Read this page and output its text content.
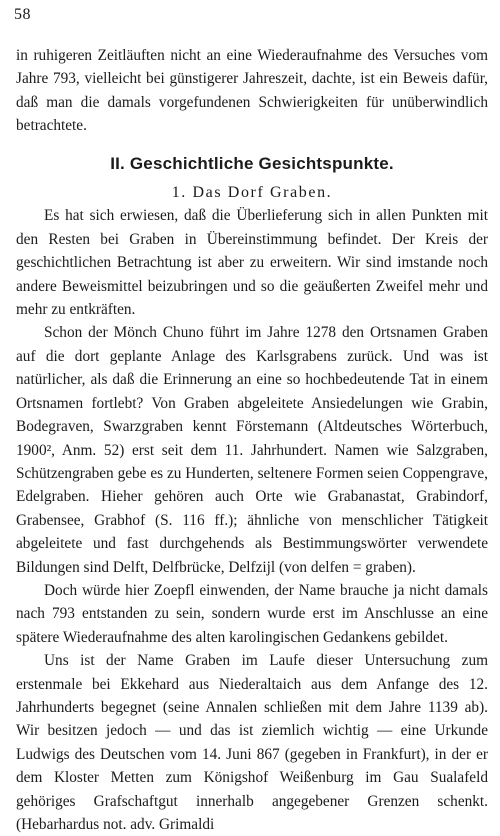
58

in ruhigeren Zeitläuften nicht an eine Wiederaufnahme des Versuches vom Jahre 793, vielleicht bei günstigerer Jahreszeit, dachte, ist ein Beweis dafür, daß man die damals vorgefundenen Schwierigkeiten für unüberwindlich betrachtete.

II. Geschichtliche Gesichtspunkte.
1. Das Dorf Graben.

Es hat sich erwiesen, daß die Überlieferung sich in allen Punkten mit den Resten bei Graben in Übereinstimmung befindet. Der Kreis der geschichtlichen Betrachtung ist aber zu erweitern. Wir sind imstande noch andere Beweismittel beizubringen und so die geäußerten Zweifel mehr und mehr zu entkräften.

Schon der Mönch Chuno führt im Jahre 1278 den Ortsnamen Graben auf die dort geplante Anlage des Karlsgrabens zurück. Und was ist natürlicher, als daß die Erinnerung an eine so hochbedeutende Tat in einem Ortsnamen fortlebt? Von Graben abgeleitete Ansiedelungen wie Grabin, Bodegraven, Swarzgraben kennt Förstemann (Altdeutsches Wörterbuch, 1900², Anm. 52) erst seit dem 11. Jahrhundert. Namen wie Salzgraben, Schützengraben gebe es zu Hunderten, seltenere Formen seien Coppengrave, Edelgraben. Hieher gehören auch Orte wie Grabanastat, Grabindorf, Grabensee, Grabhof (S. 116 ff.); ähnliche von menschlicher Tätigkeit abgeleitete und fast durchgehends als Bestimmungswörter verwendete Bildungen sind Delft, Delfbrücke, Delfzijl (von delfen = graben).

Doch würde hier Zoepfl einwenden, der Name brauche ja nicht damals nach 793 entstanden zu sein, sondern wurde erst im Anschlusse an eine spätere Wiederaufnahme des alten karolingischen Gedankens gebildet.

Uns ist der Name Graben im Laufe dieser Untersuchung zum erstenmale bei Ekkehard aus Niederaltaich aus dem Anfange des 12. Jahrhunderts begegnet (seine Annalen schließen mit dem Jahre 1139 ab). Wir besitzen jedoch — und das ist ziemlich wichtig — eine Urkunde Ludwigs des Deutschen vom 14. Juni 867 (gegeben in Frankfurt), in der er dem Kloster Metten zum Königshof Weißenburg im Gau Sualafeld gehöriges Grafschaftgut innerhalb angegebener Grenzen schenkt. (Hebarhardus not. adv. Grimaldi
